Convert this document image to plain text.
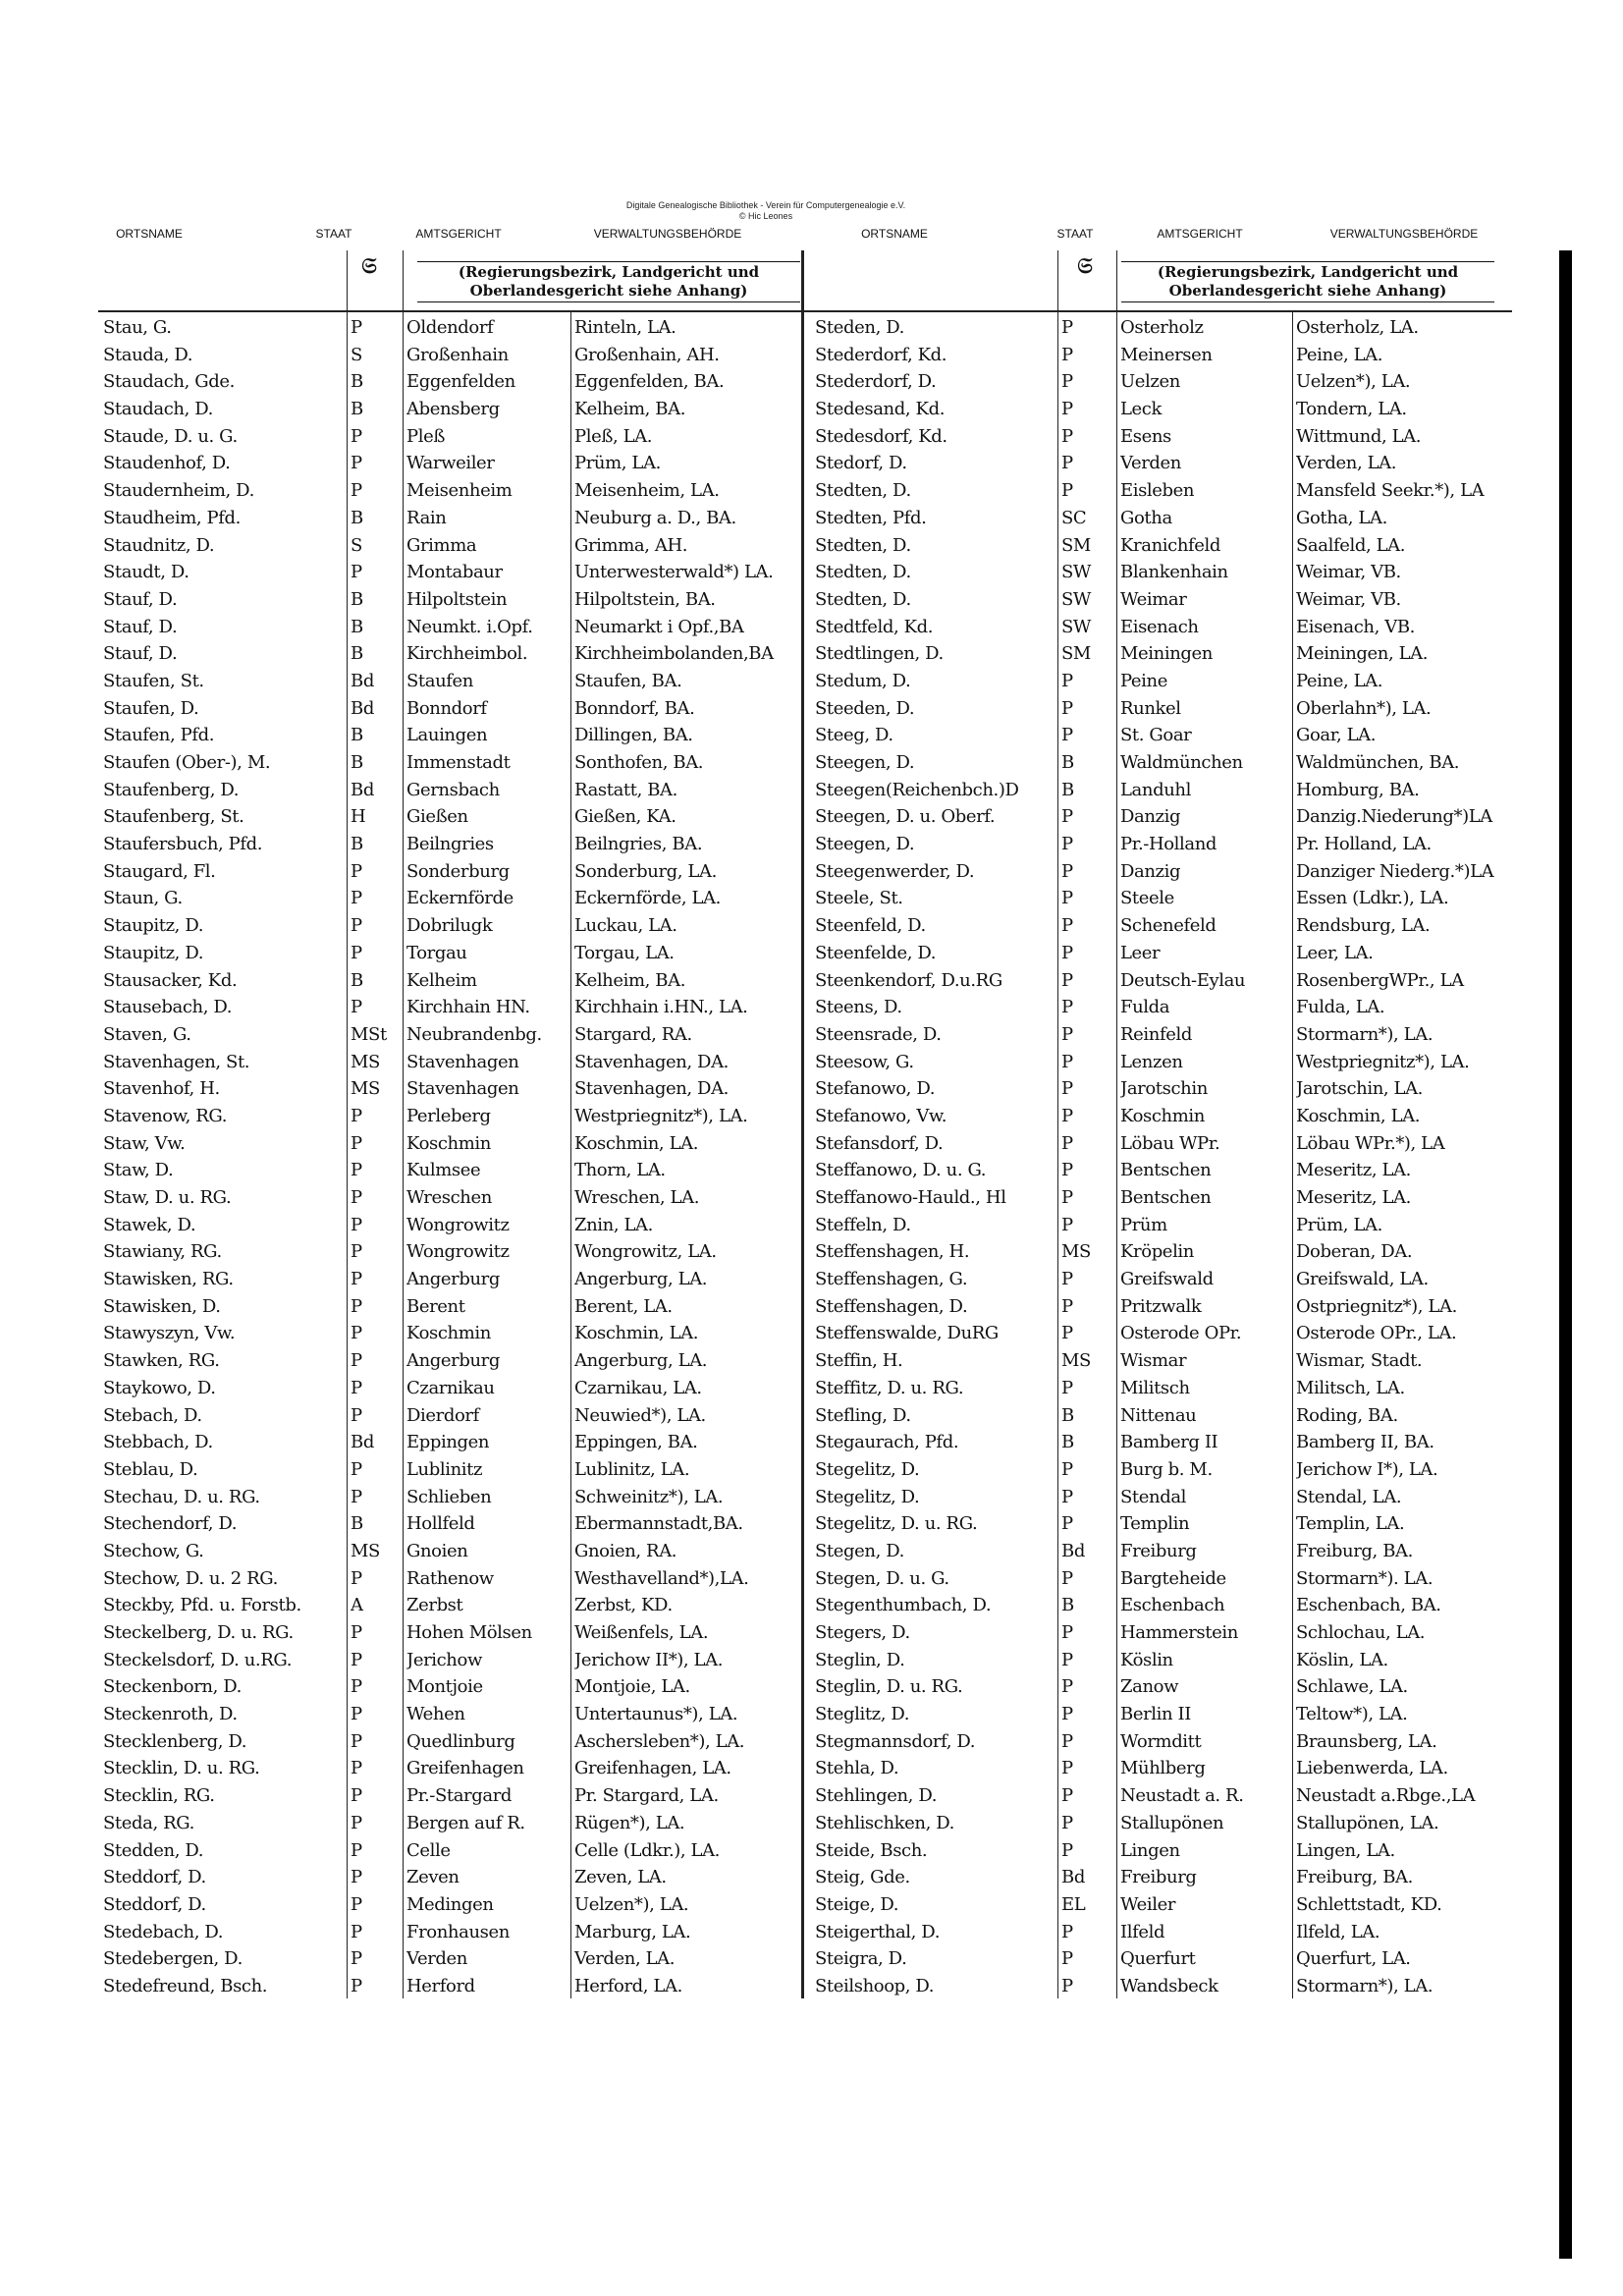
Digitale Genealogische Bibliothek - Verein für Computergenealogie e.V.
© Hic Leones
ORTSNAME	STAAT	AMTSGERICHT	VERWALTUNGSBEHÖRDE	ORTSNAME	STAAT	AMTSGERICHT	VERWALTUNGSBEHÖRDE
𝔖	𝔖
(Regierungsbezirk, Landgericht und
Oberlandesgericht siehe Anhang)
(Regierungsbezirk, Landgericht und
Oberlandesgericht siehe Anhang)
Stau, G.	P	Oldendorf	Rinteln, LA.
Stauda, D.	S	Großenhain	Großenhain, AH.
Staudach, Gde.	B	Eggenfelden	Eggenfelden, BA.
Staudach, D.	B	Abensberg	Kelheim, BA.
Staude, D. u. G.	P	Pleß	Pleß, LA.
Staudenhof, D.	P	Warweiler	Prüm, LA.
Staudernheim, D.	P	Meisenheim	Meisenheim, LA.
Staudheim, Pfd.	B	Rain	Neuburg a. D., BA.
Staudnitz, D.	S	Grimma	Grimma, AH.
Staudt, D.	P	Montabaur	Unterwesterwald*) LA.
Stauf, D.	B	Hilpoltstein	Hilpoltstein, BA.
Stauf, D.	B	Neumkt. i.Opf.	Neumarkt i Opf.,BA
Stauf, D.	B	Kirchheimbol.	Kirchheimbolanden,BA
Staufen, St.	Bd	Staufen	Staufen, BA.
Staufen, D.	Bd	Bonndorf	Bonndorf, BA.
Staufen, Pfd.	B	Lauingen	Dillingen, BA.
Staufen (Ober-), M.	B	Immenstadt	Sonthofen, BA.
Staufenberg, D.	Bd	Gernsbach	Rastatt, BA.
Staufenberg, St.	H	Gießen	Gießen, KA.
Staufersbuch, Pfd.	B	Beilngries	Beilngries, BA.
Staugard, Fl.	P	Sonderburg	Sonderburg, LA.
Staun, G.	P	Eckernförde	Eckernförde, LA.
Staupitz, D.	P	Dobrilugk	Luckau, LA.
Staupitz, D.	P	Torgau	Torgau, LA.
Stausacker, Kd.	B	Kelheim	Kelheim, BA.
Stausebach, D.	P	Kirchhain HN.	Kirchhain i.HN., LA.
Staven, G.	MSt	Neubrandenbg.	Stargard, RA.
Stavenhagen, St.	MS	Stavenhagen	Stavenhagen, DA.
Stavenhof, H.	MS	Stavenhagen	Stavenhagen, DA.
Stavenow, RG.	P	Perleberg	Westpriegnitz*), LA.
Staw, Vw.	P	Koschmin	Koschmin, LA.
Staw, D.	P	Kulmsee	Thorn, LA.
Staw, D. u. RG.	P	Wreschen	Wreschen, LA.
Stawek, D.	P	Wongrowitz	Znin, LA.
Stawiany, RG.	P	Wongrowitz	Wongrowitz, LA.
Stawisken, RG.	P	Angerburg	Angerburg, LA.
Stawisken, D.	P	Berent	Berent, LA.
Stawyszyn, Vw.	P	Koschmin	Koschmin, LA.
Stawken, RG.	P	Angerburg	Angerburg, LA.
Staykowo, D.	P	Czarnikau	Czarnikau, LA.
Stebach, D.	P	Dierdorf	Neuwied*), LA.
Stebbach, D.	Bd	Eppingen	Eppingen, BA.
Steblau, D.	P	Lublinitz	Lublinitz, LA.
Stechau, D. u. RG.	P	Schlieben	Schweinitz*), LA.
Stechendorf, D.	B	Hollfeld	Ebermannstadt,BA.
Stechow, G.	MS	Gnoien	Gnoien, RA.
Stechow, D. u. 2 RG.	P	Rathenow	Westhavelland*),LA.
Steckby, Pfd. u. Forstb.	A	Zerbst	Zerbst, KD.
Steckelberg, D. u. RG.	P	Hohen Mölsen	Weißenfels, LA.
Steckelsdorf, D. u.RG.	P	Jerichow	Jerichow II*), LA.
Steckenborn, D.	P	Montjoie	Montjoie, LA.
Steckenroth, D.	P	Wehen	Untertaunus*), LA.
Stecklenberg, D.	P	Quedlinburg	Aschersleben*), LA.
Stecklin, D. u. RG.	P	Greifenhagen	Greifenhagen, LA.
Stecklin, RG.	P	Pr.-Stargard	Pr. Stargard, LA.
Steda, RG.	P	Bergen auf R.	Rügen*), LA.
Stedden, D.	P	Celle	Celle (Ldkr.), LA.
Steddorf, D.	P	Zeven	Zeven, LA.
Steddorf, D.	P	Medingen	Uelzen*), LA.
Stedebach, D.	P	Fronhausen	Marburg, LA.
Stedebergen, D.	P	Verden	Verden, LA.
Stedefreund, Bsch.	P	Herford	Herford, LA.
Steden, D.	P	Osterholz	Osterholz, LA.
Stederdorf, Kd.	P	Meinersen	Peine, LA.
Stederdorf, D.	P	Uelzen	Uelzen*), LA.
Stedesand, Kd.	P	Leck	Tondern, LA.
Stedesdorf, Kd.	P	Esens	Wittmund, LA.
Stedorf, D.	P	Verden	Verden, LA.
Stedten, D.	P	Eisleben	Mansfeld Seekr.*), LA
Stedten, Pfd.	SC	Gotha	Gotha, LA.
Stedten, D.	SM	Kranichfeld	Saalfeld, LA.
Stedten, D.	SW	Blankenhain	Weimar, VB.
Stedten, D.	SW	Weimar	Weimar, VB.
Stedtfeld, Kd.	SW	Eisenach	Eisenach, VB.
Stedtlingen, D.	SM	Meiningen	Meiningen, LA.
Stedum, D.	P	Peine	Peine, LA.
Steeden, D.	P	Runkel	Oberlahn*), LA.
Steeg, D.	P	St. Goar	Goar, LA.
Steegen, D.	B	Waldmünchen	Waldmünchen, BA.
Steegen(Reichenbch.)D	B	Landuhl	Homburg, BA.
Steegen, D. u. Oberf.	P	Danzig	Danzig.Niederung*)LA
Steegen, D.	P	Pr.-Holland	Pr. Holland, LA.
Steegenwerder, D.	P	Danzig	Danziger Niederg.*)LA
Steele, St.	P	Steele	Essen (Ldkr.), LA.
Steenfeld, D.	P	Schenefeld	Rendsburg, LA.
Steenfelde, D.	P	Leer	Leer, LA.
Steenkendorf, D.u.RG	P	Deutsch-Eylau	RosenbergWPr., LA
Steens, D.	P	Fulda	Fulda, LA.
Steensrade, D.	P	Reinfeld	Stormarn*), LA.
Steesow, G.	P	Lenzen	Westpriegnitz*), LA.
Stefanowo, D.	P	Jarotschin	Jarotschin, LA.
Stefanowo, Vw.	P	Koschmin	Koschmin, LA.
Stefansdorf, D.	P	Löbau WPr.	Löbau WPr.*), LA
Steffanowo, D. u. G.	P	Bentschen	Meseritz, LA.
Steffanowo-Hauld., Hl	P	Bentschen	Meseritz, LA.
Steffeln, D.	P	Prüm	Prüm, LA.
Steffenshagen, H.	MS	Kröpelin	Doberan, DA.
Steffenshagen, G.	P	Greifswald	Greifswald, LA.
Steffenshagen, D.	P	Pritzwalk	Ostpriegnitz*), LA.
Steffenswalde, DuRG	P	Osterode OPr.	Osterode OPr., LA.
Steffin, H.	MS	Wismar	Wismar, Stadt.
Steffitz, D. u. RG.	P	Militsch	Militsch, LA.
Stefling, D.	B	Nittenau	Roding, BA.
Stegaurach, Pfd.	B	Bamberg II	Bamberg II, BA.
Stegelitz, D.	P	Burg b. M.	Jerichow I*), LA.
Stegelitz, D.	P	Stendal	Stendal, LA.
Stegelitz, D. u. RG.	P	Templin	Templin, LA.
Stegen, D.	Bd	Freiburg	Freiburg, BA.
Stegen, D. u. G.	P	Bargteheide	Stormarn*). LA.
Stegenthumbach, D.	B	Eschenbach	Eschenbach, BA.
Stegers, D.	P	Hammerstein	Schlochau, LA.
Steglin, D.	P	Köslin	Köslin, LA.
Steglin, D. u. RG.	P	Zanow	Schlawe, LA.
Steglitz, D.	P	Berlin II	Teltow*), LA.
Stegmannsdorf, D.	P	Wormditt	Braunsberg, LA.
Stehla, D.	P	Mühlberg	Liebenwerda, LA.
Stehlingen, D.	P	Neustadt a. R.	Neustadt a.Rbge.,LA
Stehlischken, D.	P	Stallupönen	Stallupönen, LA.
Steide, Bsch.	P	Lingen	Lingen, LA.
Steig, Gde.	Bd	Freiburg	Freiburg, BA.
Steige, D.	EL	Weiler	Schlettstadt, KD.
Steigerthal, D.	P	Ilfeld	Ilfeld, LA.
Steigra, D.	P	Querfurt	Querfurt, LA.
Steilshoop, D.	P	Wandsbeck	Stormarn*), LA.
